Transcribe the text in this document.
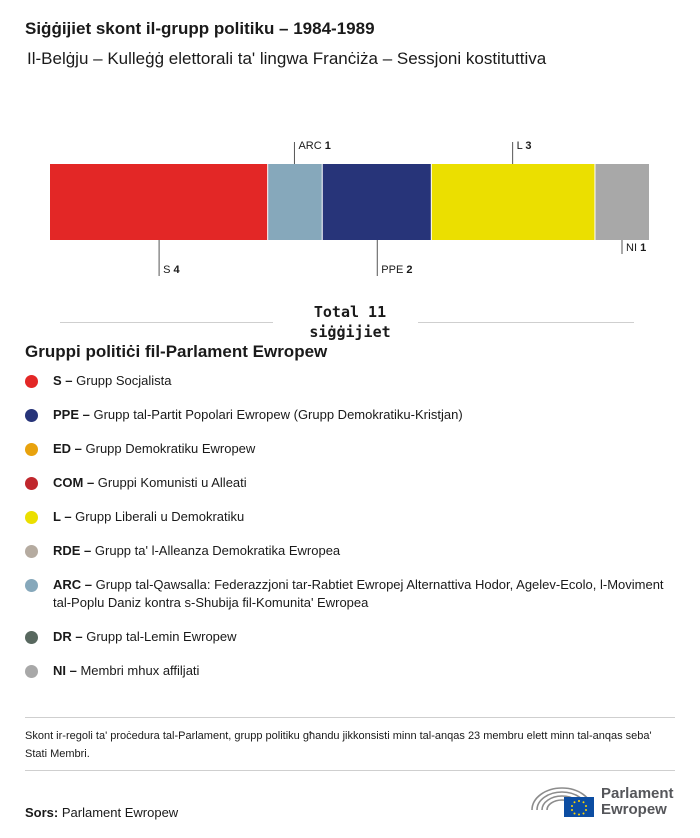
Siġġijiet skont il-grupp politiku – 1984-1989
Il-Belġju – Kulleġġ elettorali ta' lingwa Franċiża – Sessjoni kostituttiva
S 4
ARC 1
PPE 2
L 3
NI 1
Total 11 siġġijiet
Gruppi politiċi fil-Parlament Ewropew
S – Grupp Socjalista
PPE – Grupp tal-Partit Popolari Ewropew (Grupp Demokratiku-Kristjan)
ED – Grupp Demokratiku Ewropew
COM – Gruppi Komunisti u Alleati
L – Grupp Liberali u Demokratiku
RDE – Grupp ta' l-Alleanza Demokratika Ewropea
ARC – Grupp tal-Qawsalla: Federazzjoni tar-Rabtiet Ewropej Alternattiva Hodor, Agelev-Ecolo, l-Moviment tal-Poplu Daniz kontra s-Shubija fil-Komunita' Ewropea
DR – Grupp tal-Lemin Ewropew
NI – Membri mhux affiljati
Skont ir-regoli ta' proċedura tal-Parlament, grupp politiku għandu jikkonsisti minn tal-anqas 23 membru elett minn tal-anqas seba' Stati Membri.
Sors: Parlament Ewropew
Parlament
Ewropew
